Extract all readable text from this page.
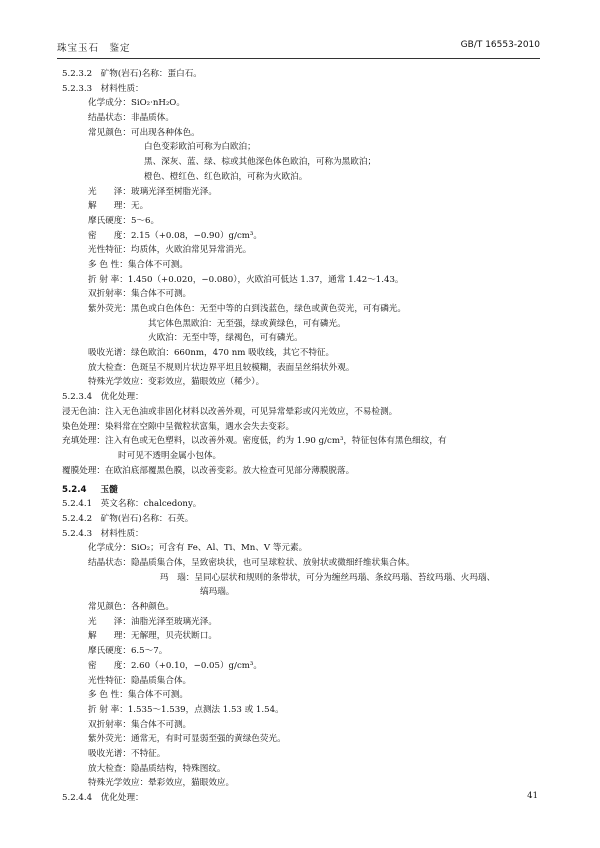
珠宝玉石　鉴定	GB/T 16553-2010
5.2.3.2　矿物(岩石)名称：蛋白石。
5.2.3.3　材料性质：
化学成分：SiO₂·nH₂O。
结晶状态：非晶质体。
常见颜色：可出现各种体色。
白色变彩欧泊可称为白欧泊；
黑、深灰、蓝、绿、棕或其他深色体色欧泊，可称为黑欧泊；
橙色、橙红色、红色欧泊，可称为火欧泊。
光　　泽：玻璃光泽至树脂光泽。
解　　理：无。
摩氏硬度：5～6。
密　　度：2.15（+0.08，−0.90）g/cm³。
光性特征：均质体，火欧泊常见异常消光。
多 色 性：集合体不可测。
折 射 率：1.450（+0.020，−0.080），火欧泊可低达 1.37，通常 1.42～1.43。
双折射率：集合体不可测。
紫外荧光：黑色或白色体色：无至中等的白到浅蓝色，绿色或黄色荧光，可有磷光。
其它体色黑欧泊：无至强，绿或黄绿色，可有磷光。
火欧泊：无至中等，绿褐色，可有磷光。
吸收光谱：绿色欧泊：660nm，470 nm 吸收线，其它不特征。
放大检查：色斑呈不规则片状边界平坦且较模糊，表面呈丝绢状外观。
特殊光学效应：变彩效应，猫眼效应（稀少）。
5.2.3.4　优化处理：
浸无色油：注入无色油或非固化材料以改善外观，可见异常晕彩或闪光效应，不易检测。
染色处理：染料常在空隙中呈微粒状富集，遇水会失去变彩。
充填处理：注入有色或无色塑料，以改善外观。密度低，约为 1.90 g/cm³，特征包体有黑色细纹，有
时可见不透明金属小包体。
覆膜处理：在欧泊底部覆黑色膜，以改善变彩。放大检查可见部分薄膜脱落。
5.2.4 玉髓
5.2.4.1　英文名称：chalcedony。
5.2.4.2　矿物(岩石)名称：石英。
5.2.4.3　材料性质：
化学成分：SiO₂；可含有 Fe、Al、Ti、Mn、V 等元素。
结晶状态：隐晶质集合体，呈致密块状，也可呈球粒状、放射状或微细纤维状集合体。
玛　瑙：呈同心层状和规则的条带状，可分为缠丝玛瑙、条纹玛瑙、苔纹玛瑙、火玛瑙、
缟玛瑙。
常见颜色：各种颜色。
光　　泽：油脂光泽至玻璃光泽。
解　　理：无解理，贝壳状断口。
摩氏硬度：6.5～7。
密　　度：2.60（+0.10，−0.05）g/cm³。
光性特征：隐晶质集合体。
多 色 性：集合体不可测。
折 射 率：1.535～1.539，点测法 1.53 或 1.54。
双折射率：集合体不可测。
紫外荧光：通常无，有时可显弱至强的黄绿色荧光。
吸收光谱：不特征。
放大检查：隐晶质结构，特殊图纹。
特殊光学效应：晕彩效应，猫眼效应。
5.2.4.4　优化处理：	41
